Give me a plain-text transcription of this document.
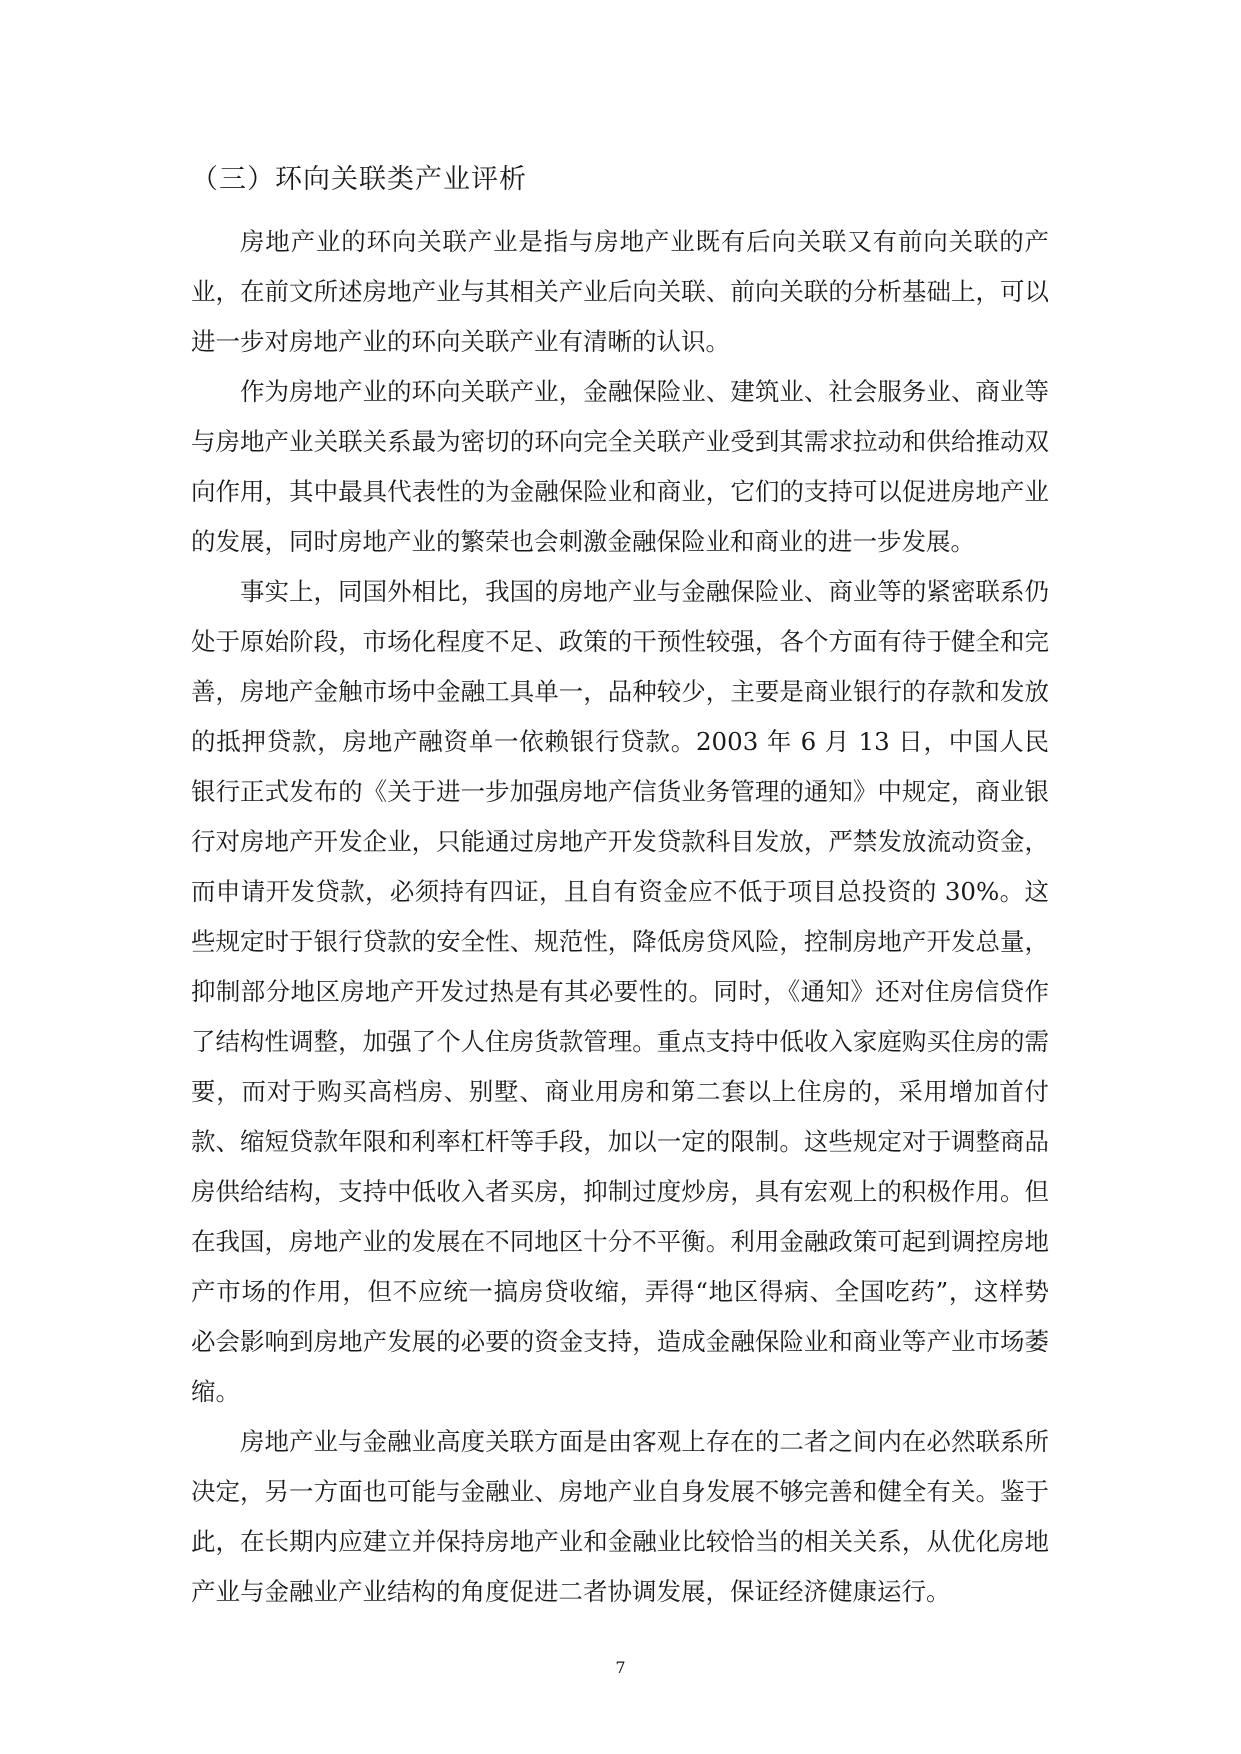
（三）环向关联类产业评析

房地产业的环向关联产业是指与房地产业既有后向关联又有前向关联的产业，在前文所述房地产业与其相关产业后向关联、前向关联的分析基础上，可以进一步对房地产业的环向关联产业有清晰的认识。

作为房地产业的环向关联产业，金融保险业、建筑业、社会服务业、商业等与房地产业关联关系最为密切的环向完全关联产业受到其需求拉动和供给推动双向作用，其中最具代表性的为金融保险业和商业，它们的支持可以促进房地产业的发展，同时房地产业的繁荣也会刺激金融保险业和商业的进一步发展。

事实上，同国外相比，我国的房地产业与金融保险业、商业等的紧密联系仍处于原始阶段，市场化程度不足、政策的干预性较强，各个方面有待于健全和完善，房地产金触市场中金融工具单一，品种较少，主要是商业银行的存款和发放的抵押贷款，房地产融资单一依赖银行贷款。2003 年 6 月 13 日，中国人民银行正式发布的《关于进一步加强房地产信货业务管理的通知》中规定，商业银行对房地产开发企业，只能通过房地产开发贷款科目发放，严禁发放流动资金，而申请开发贷款，必须持有四证，且自有资金应不低于项目总投资的 30%。这些规定时于银行贷款的安全性、规范性，降低房贷风险，控制房地产开发总量，抑制部分地区房地产开发过热是有其必要性的。同时，《通知》还对住房信贷作了结构性调整，加强了个人住房货款管理。重点支持中低收入家庭购买住房的需要，而对于购买高档房、别墅、商业用房和第二套以上住房的，采用增加首付款、缩短贷款年限和利率杠杆等手段，加以一定的限制。这些规定对于调整商品房供给结构，支持中低收入者买房，抑制过度炒房，具有宏观上的积极作用。但在我国，房地产业的发展在不同地区十分不平衡。利用金融政策可起到调控房地产市场的作用，但不应统一搞房贷收缩，弄得“地区得病、全国吃药”，这样势必会影响到房地产发展的必要的资金支持，造成金融保险业和商业等产业市场萎缩。

房地产业与金融业高度关联方面是由客观上存在的二者之间内在必然联系所决定，另一方面也可能与金融业、房地产业自身发展不够完善和健全有关。鉴于此，在长期内应建立并保持房地产业和金融业比较恰当的相关关系，从优化房地产业与金融业产业结构的角度促进二者协调发展，保证经济健康运行。

7
